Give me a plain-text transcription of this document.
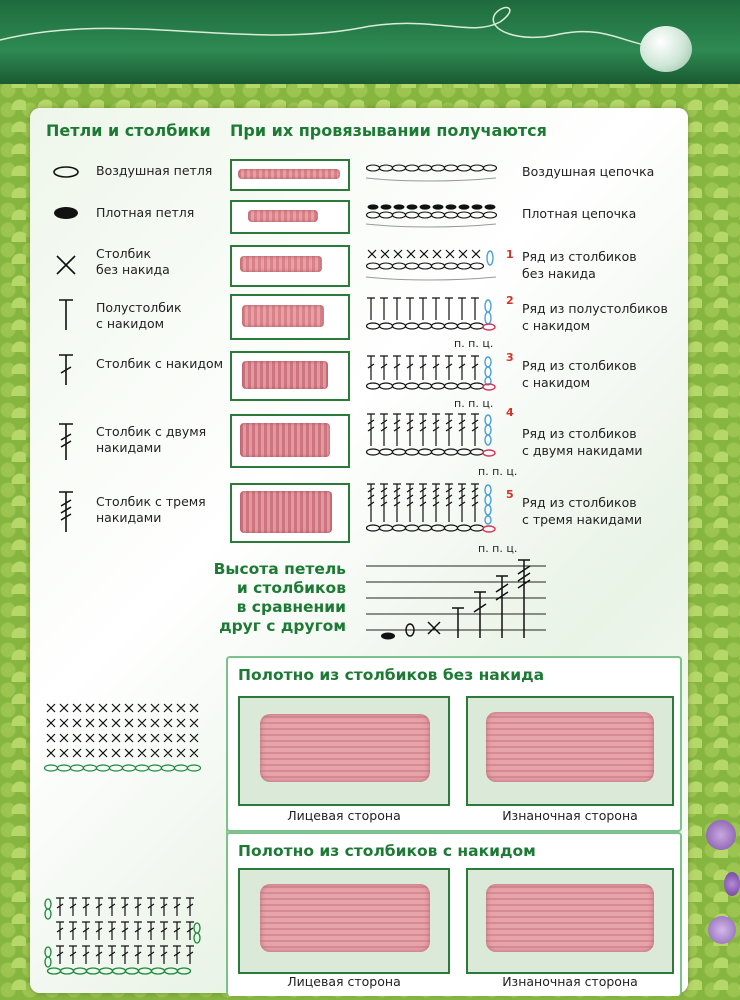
Петли и столбики При их провязывании получаются
Воздушная петля
Плотная петля
Столбик
без накида
Полустолбик
с накидом
Столбик с накидом
Столбик с двумя
накидами
Столбик с тремя
накидами
Воздушная цепочка
Плотная цепочка
1 Ряд из столбиков
без накида
2
Ряд из полустолбиков
с накидом
п. п. ц.
3
Ряд из столбиков
с накидом
п. п. ц.
4
Ряд из столбиков
с двумя накидами
п. п. ц.
5
Ряд из столбиков
с тремя накидами
п. п. ц.
Высота петель
и столбиков
в сравнении
друг с другом
Полотно из столбиков без накида
Лицевая сторона	Изнаночная сторона
Полотно из столбиков с накидом
Лицевая сторона	Изнаночная сторона
